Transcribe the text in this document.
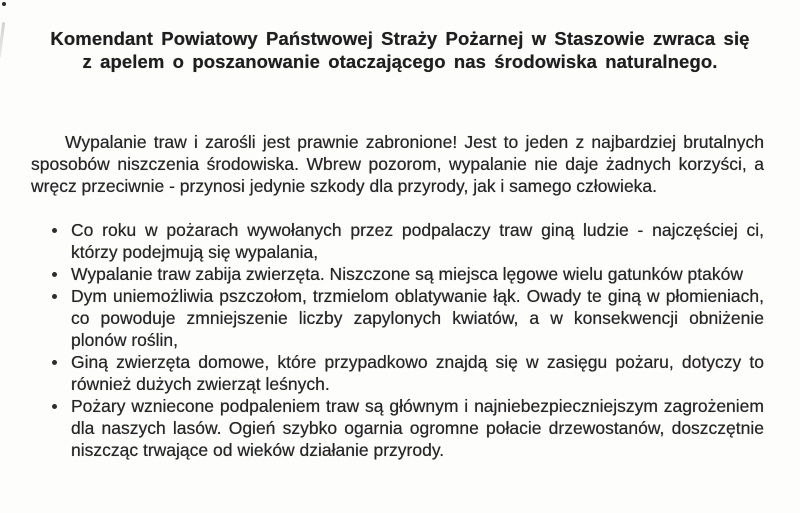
Komendant Powiatowy Państwowej Straży Pożarnej w Staszowie zwraca się
z apelem o poszanowanie otaczającego nas środowiska naturalnego.

Wypalanie traw i zarośli jest prawnie zabronione! Jest to jeden z najbardziej brutalnych sposobów niszczenia środowiska. Wbrew pozorom, wypalanie nie daje żadnych korzyści, a wręcz przeciwnie - przynosi jedynie szkody dla przyrody, jak i samego człowieka.

Co roku w pożarach wywołanych przez podpalaczy traw giną ludzie - najczęściej ci, którzy podejmują się wypalania,
Wypalanie traw zabija zwierzęta. Niszczone są miejsca lęgowe wielu gatunków ptaków
Dym uniemożliwia pszczołom, trzmielom oblatywanie łąk. Owady te giną w płomieniach, co powoduje zmniejszenie liczby zapylonych kwiatów, a w konsekwencji obniżenie plonów roślin,
Giną zwierzęta domowe, które przypadkowo znajdą się w zasięgu pożaru, dotyczy to również dużych zwierząt leśnych.
Pożary wzniecone podpaleniem traw są głównym i najniebezpieczniejszym zagrożeniem dla naszych lasów. Ogień szybko ogarnia ogromne połacie drzewostanów, doszczętnie niszcząc trwające od wieków działanie przyrody.
